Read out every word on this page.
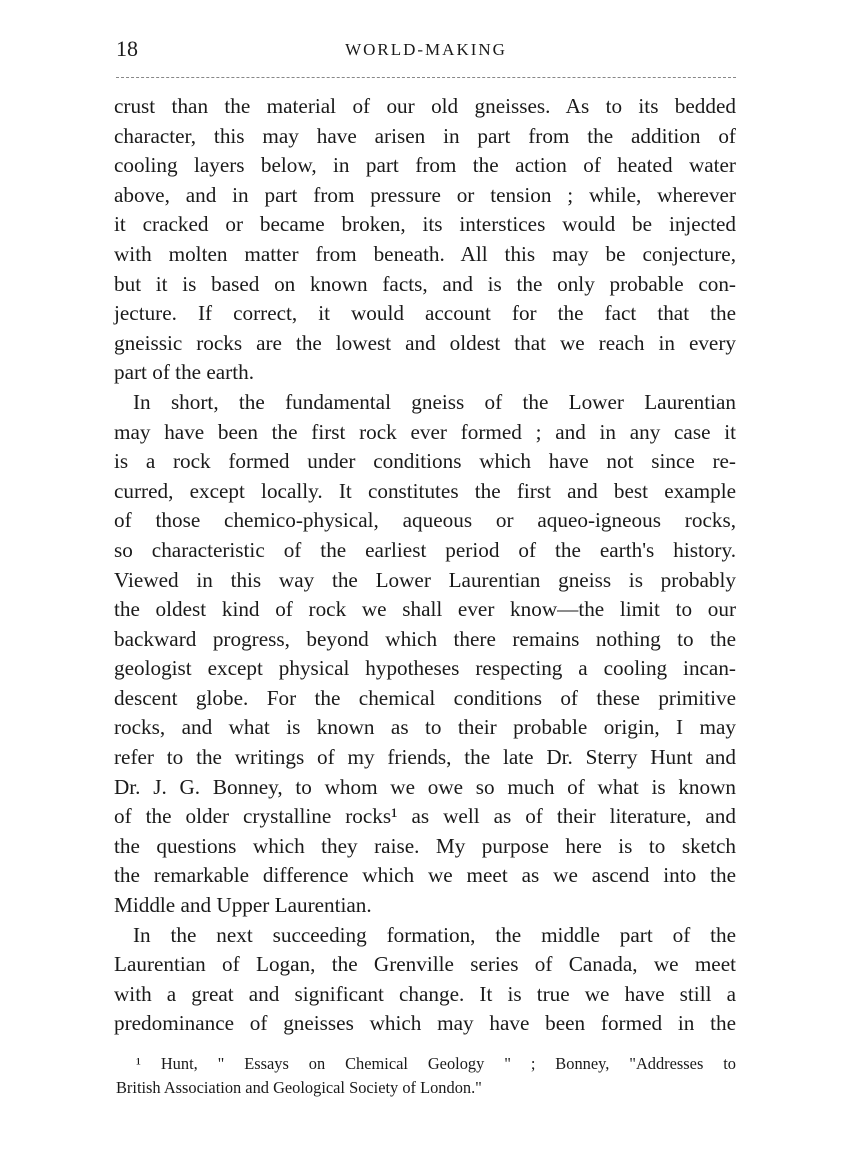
18	WORLD-MAKING
crust than the material of our old gneisses. As to its bedded
character, this may have arisen in part from the addition of
cooling layers below, in part from the action of heated water
above, and in part from pressure or tension ; while, wherever
it cracked or became broken, its interstices would be injected
with molten matter from beneath. All this may be conjecture,
but it is based on known facts, and is the only probable con-
jecture. If correct, it would account for the fact that the
gneissic rocks are the lowest and oldest that we reach in every
part of the earth.
In short, the fundamental gneiss of the Lower Laurentian
may have been the first rock ever formed ; and in any case it
is a rock formed under conditions which have not since re-
curred, except locally. It constitutes the first and best example
of those chemico-physical, aqueous or aqueo-igneous rocks,
so characteristic of the earliest period of the earth's history.
Viewed in this way the Lower Laurentian gneiss is probably
the oldest kind of rock we shall ever know—the limit to our
backward progress, beyond which there remains nothing to the
geologist except physical hypotheses respecting a cooling incan-
descent globe. For the chemical conditions of these primitive
rocks, and what is known as to their probable origin, I may
refer to the writings of my friends, the late Dr. Sterry Hunt and
Dr. J. G. Bonney, to whom we owe so much of what is known
of the older crystalline rocks¹ as well as of their literature, and
the questions which they raise. My purpose here is to sketch
the remarkable difference which we meet as we ascend into the
Middle and Upper Laurentian.
In the next succeeding formation, the middle part of the
Laurentian of Logan, the Grenville series of Canada, we meet
with a great and significant change. It is true we have still a
predominance of gneisses which may have been formed in the
¹ Hunt, " Essays on Chemical Geology " ; Bonney, "Addresses to
British Association and Geological Society of London."
